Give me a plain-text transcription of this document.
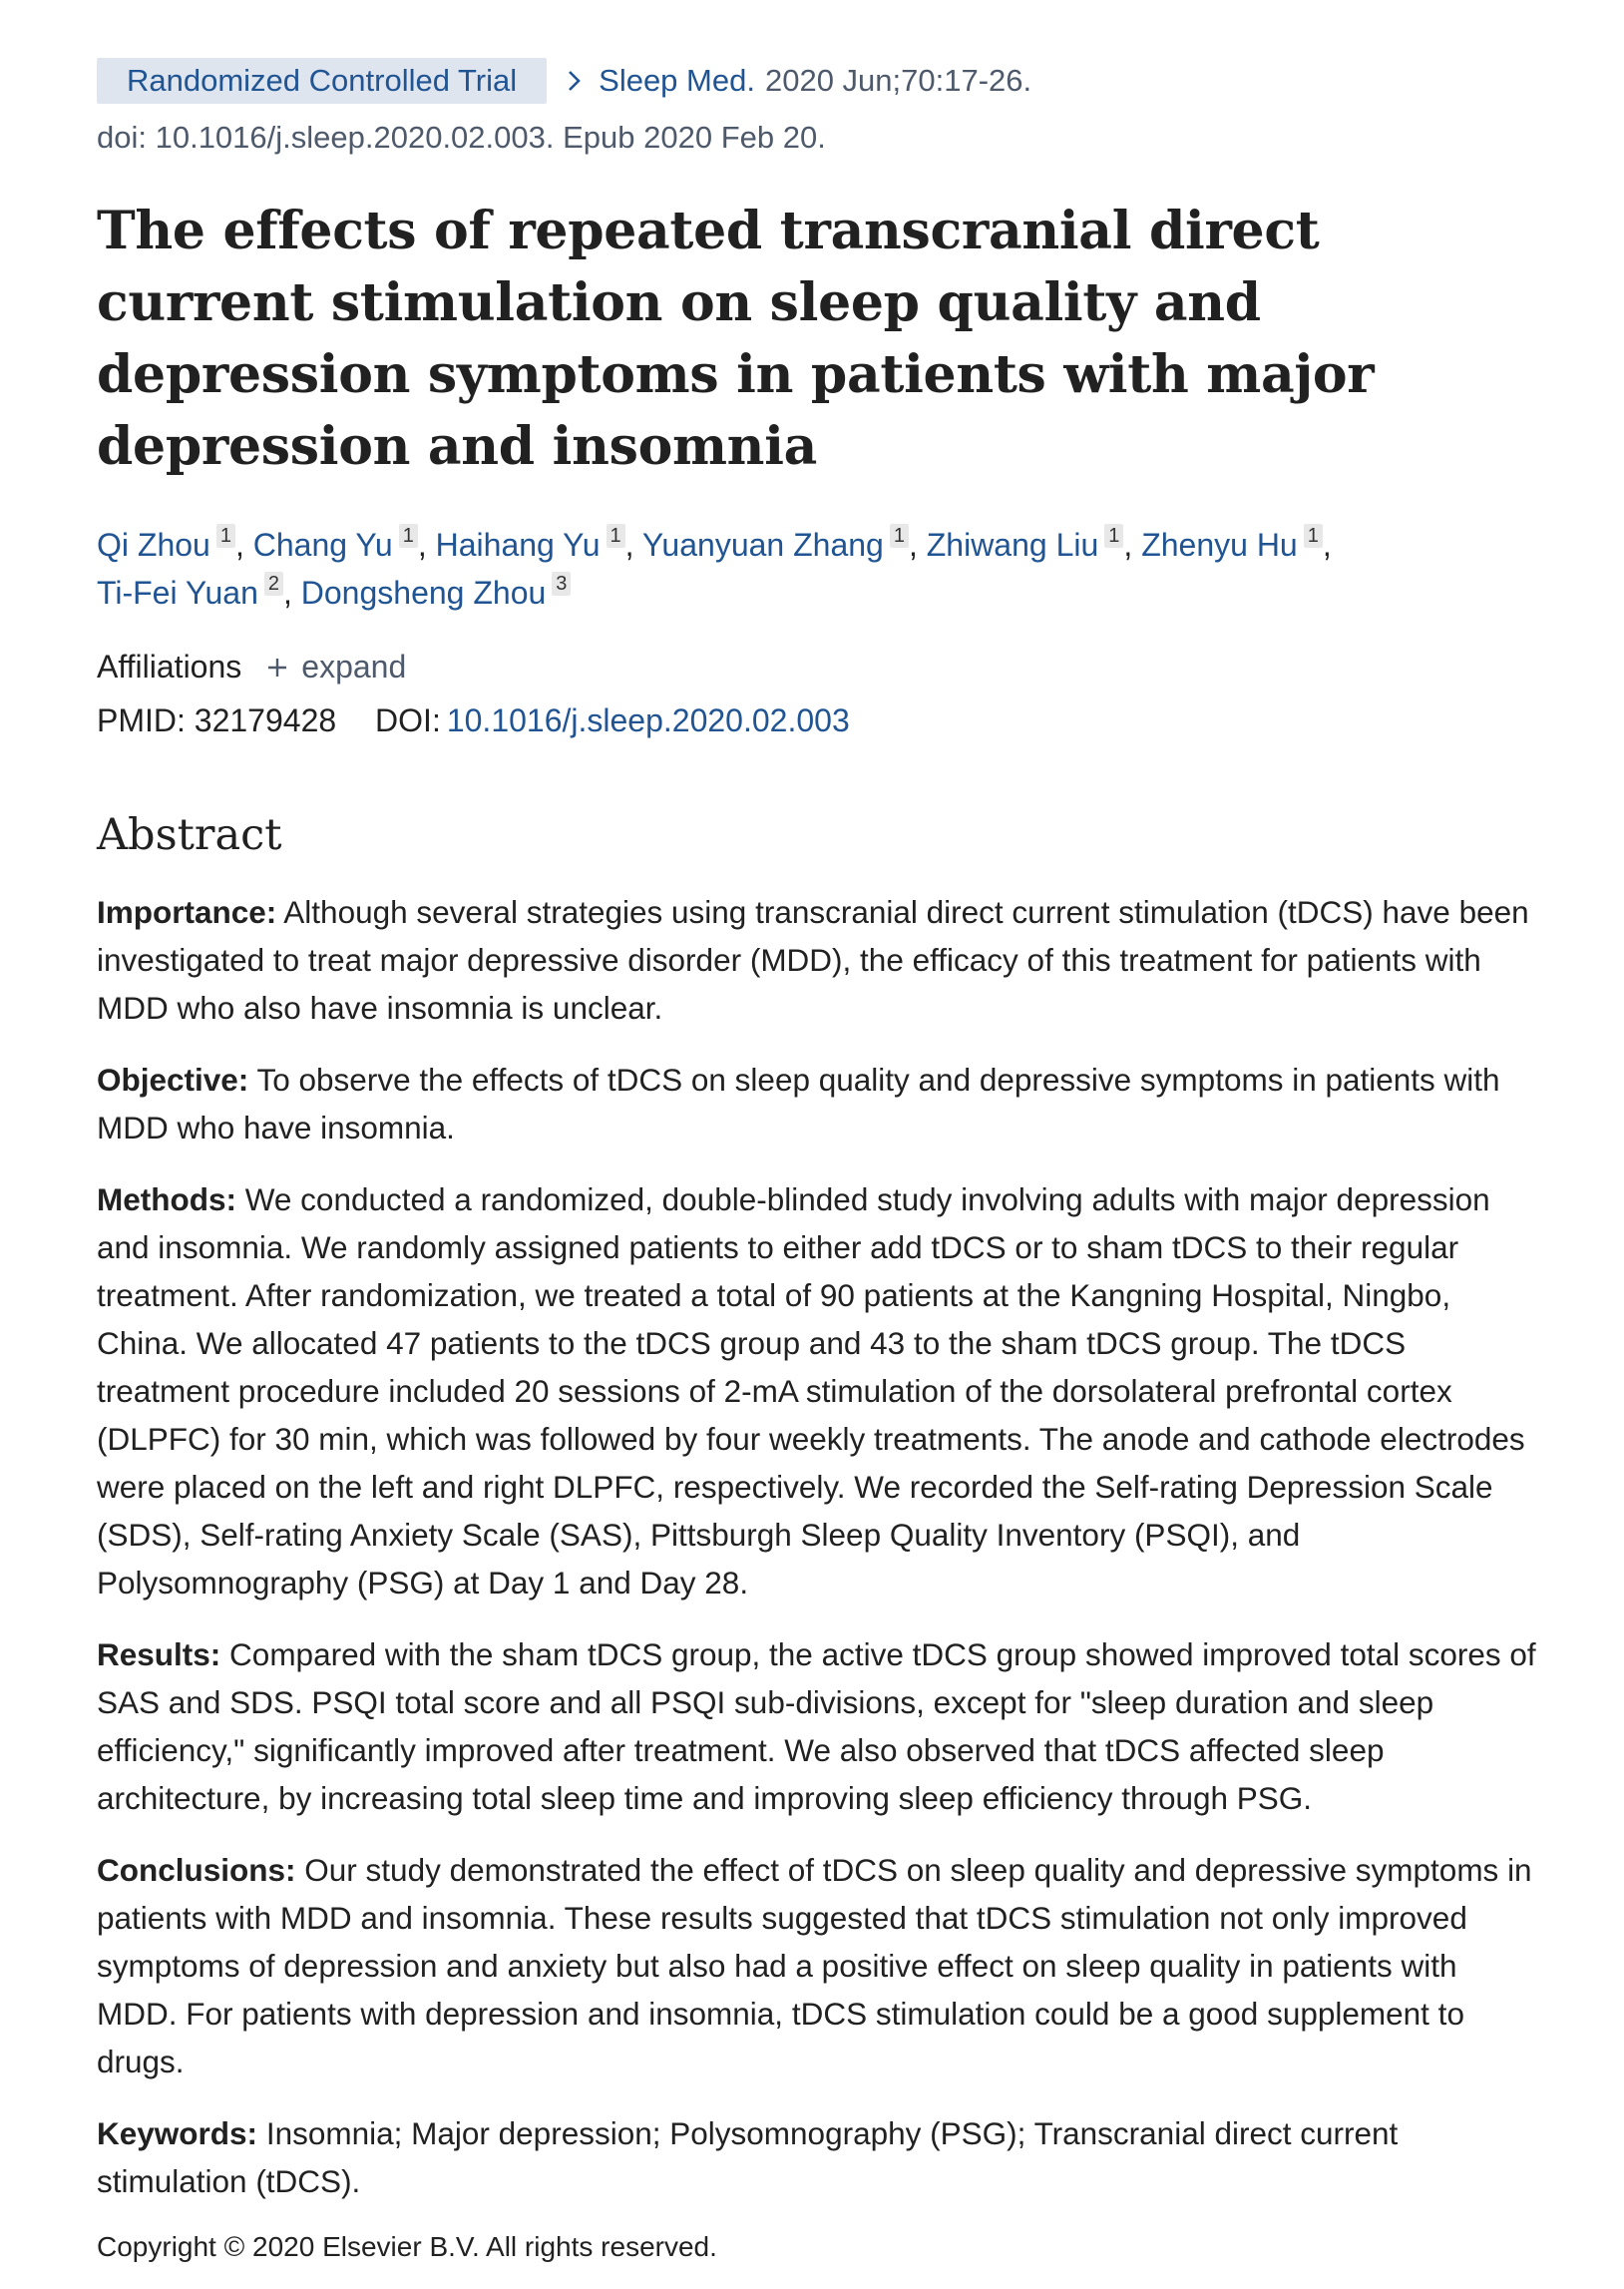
Randomized Controlled Trial	Sleep Med. 2020 Jun;70:17-26.
doi: 10.1016/j.sleep.2020.02.003. Epub 2020 Feb 20.
The effects of repeated transcranial direct current stimulation on sleep quality and depression symptoms in patients with major depression and insomnia
Qi Zhou 1 , Chang Yu 1 , Haihang Yu 1 , Yuanyuan Zhang 1 , Zhiwang Liu 1 , Zhenyu Hu 1 ,
Ti-Fei Yuan 2 , Dongsheng Zhou 3
Affiliations expand
PMID: 32179428 DOI: 10.1016/j.sleep.2020.02.003
Abstract

Importance: Although several strategies using transcranial direct current stimulation (tDCS) have been investigated to treat major depressive disorder (MDD), the efficacy of this treatment for patients with MDD who also have insomnia is unclear.

Objective: To observe the effects of tDCS on sleep quality and depressive symptoms in patients with MDD who have insomnia.

Methods: We conducted a randomized, double-blinded study involving adults with major depression and insomnia. We randomly assigned patients to either add tDCS or to sham tDCS to their regular treatment. After randomization, we treated a total of 90 patients at the Kangning Hospital, Ningbo, China. We allocated 47 patients to the tDCS group and 43 to the sham tDCS group. The tDCS treatment procedure included 20 sessions of 2-mA stimulation of the dorsolateral prefrontal cortex (DLPFC) for 30 min, which was followed by four weekly treatments. The anode and cathode electrodes were placed on the left and right DLPFC, respectively. We recorded the Self-rating Depression Scale (SDS), Self-rating Anxiety Scale (SAS), Pittsburgh Sleep Quality Inventory (PSQI), and Polysomnography (PSG) at Day 1 and Day 28.

Results: Compared with the sham tDCS group, the active tDCS group showed improved total scores of SAS and SDS. PSQI total score and all PSQI sub-divisions, except for "sleep duration and sleep efficiency," significantly improved after treatment. We also observed that tDCS affected sleep architecture, by increasing total sleep time and improving sleep efficiency through PSG.

Conclusions: Our study demonstrated the effect of tDCS on sleep quality and depressive symptoms in patients with MDD and insomnia. These results suggested that tDCS stimulation not only improved symptoms of depression and anxiety but also had a positive effect on sleep quality in patients with MDD. For patients with depression and insomnia, tDCS stimulation could be a good supplement to drugs.

Keywords: Insomnia; Major depression; Polysomnography (PSG); Transcranial direct current stimulation (tDCS).

Copyright © 2020 Elsevier B.V. All rights reserved.
